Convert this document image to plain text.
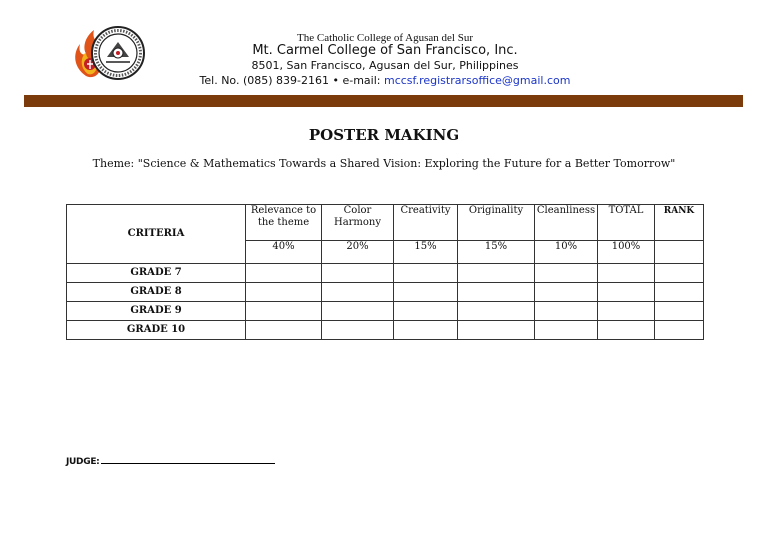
The Catholic College of Agusan del Sur
Mt. Carmel College of San Francisco, Inc.
8501, San Francisco, Agusan del Sur, Philippines
Tel. No. (085) 839-2161 • e-mail: mccsf.registrarsoffice@gmail.com
POSTER MAKING
Theme: "Science & Mathematics Towards a Shared Vision: Exploring the Future for a Better Tomorrow"
CRITERIA	Relevance to the theme	Color Harmony	Creativity	Originality	Cleanliness	TOTAL	RANK
	40%	20%	15%	15%	10%	100%	
GRADE 7							
GRADE 8							
GRADE 9							
GRADE 10							
JUDGE:
